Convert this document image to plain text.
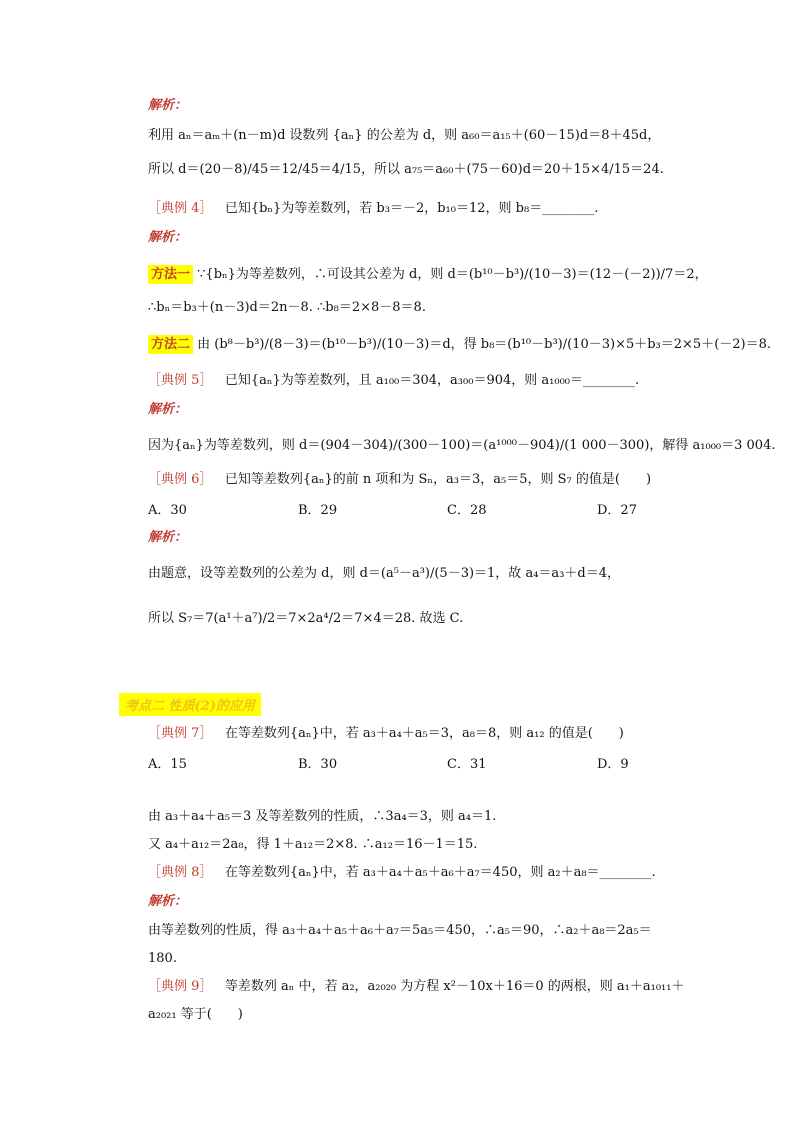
解析：
利用 aₙ＝aₘ＋(n－m)d 设数列 {aₙ} 的公差为 d，则 a₆₀＝a₁₅＋(60－15)d＝8＋45d，
所以 d＝(20－8)/45＝12/45＝4/15，所以 a₇₅＝a₆₀＋(75－60)d＝20＋15×4/15＝24.
［典例 4］ 已知{bₙ}为等差数列，若 b₃＝－2，b₁₀＝12，则 b₈＝________.
解析：
方法一 ∵{bₙ}为等差数列，∴可设其公差为 d，则 d＝(b¹⁰－b³)/(10－3)＝(12－(－2))/7＝2，
∴bₙ＝b₃＋(n－3)d＝2n－8. ∴b₈＝2×8－8＝8.
方法二 由 (b⁸－b³)/(8－3)＝(b¹⁰－b³)/(10－3)＝d，得 b₈＝(b¹⁰－b³)/(10－3)×5＋b₃＝2×5＋(－2)＝8.
［典例 5］ 已知{aₙ}为等差数列，且 a₁₀₀＝304，a₃₀₀＝904，则 a₁₀₀₀＝________.
解析：
因为{aₙ}为等差数列，则 d＝(904－304)/(300－100)＝(a¹⁰⁰⁰－904)/(1 000－300)，解得 a₁₀₀₀＝3 004.
［典例 6］ 已知等差数列{aₙ}的前 n 项和为 Sₙ，a₃＝3，a₅＝5，则 S₇ 的值是(　　)
A．30	B．29	C．28	D．27
解析：
由题意，设等差数列的公差为 d，则 d＝(a⁵－a³)/(5－3)＝1，故 a₄＝a₃＋d＝4，
所以 S₇＝7(a¹＋a⁷)/2＝7×2a⁴/2＝7×4＝28. 故选 C.
考点二 性质(2)的应用
［典例 7］ 在等差数列{aₙ}中，若 a₃＋a₄＋a₅＝3，a₈＝8，则 a₁₂ 的值是(　　)
A．15	B．30	C．31	D．9
由 a₃＋a₄＋a₅＝3 及等差数列的性质，∴3a₄＝3，则 a₄＝1.
又 a₄＋a₁₂＝2a₈，得 1＋a₁₂＝2×8. ∴a₁₂＝16－1＝15.
［典例 8］ 在等差数列{aₙ}中，若 a₃＋a₄＋a₅＋a₆＋a₇＝450，则 a₂＋a₈＝________.
解析：
由等差数列的性质，得 a₃＋a₄＋a₅＋a₆＋a₇＝5a₅＝450，∴a₅＝90，∴a₂＋a₈＝2a₅＝
180.
［典例 9］ 等差数列 aₙ 中，若 a₂，a₂₀₂₀ 为方程 x²－10x＋16＝0 的两根，则 a₁＋a₁₀₁₁＋
a₂₀₂₁ 等于(　　)
